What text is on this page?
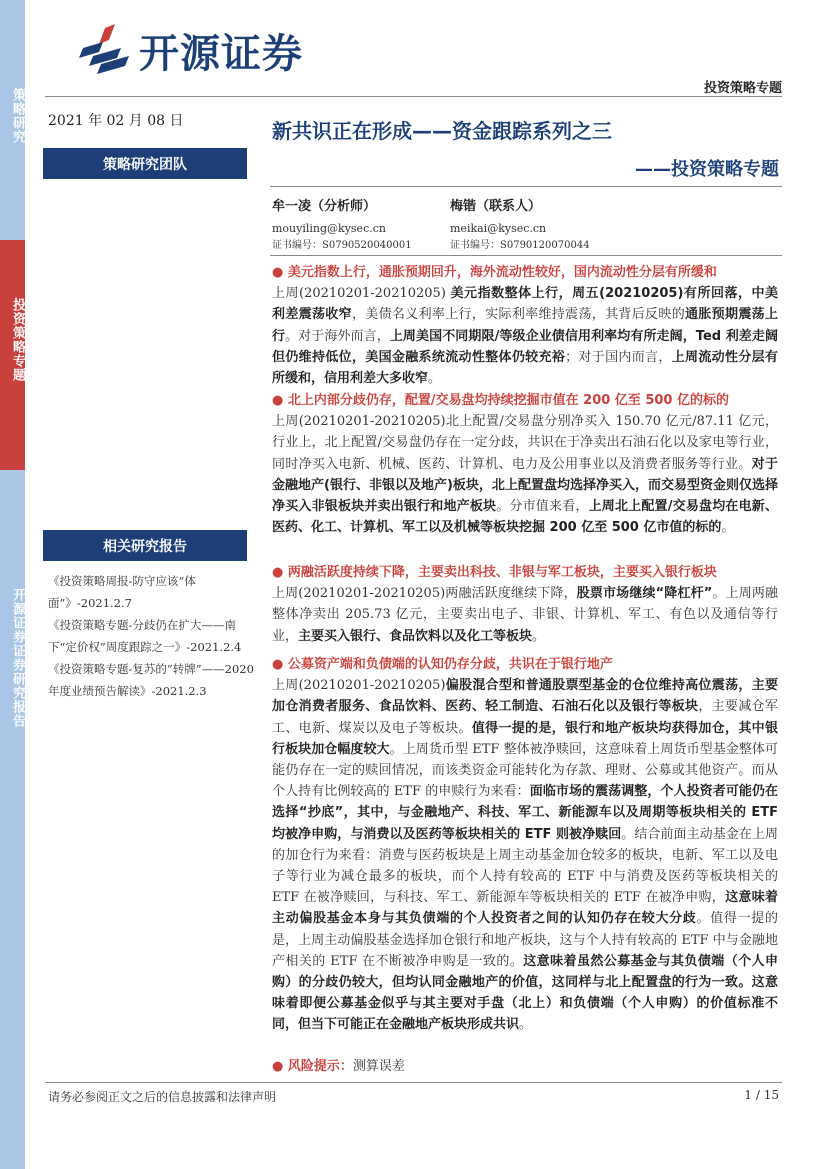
策略研究
投资策略专题
开源证券证券研究报告
开源证券
投资策略专题
2021 年 02 月 08 日
策略研究团队
相关研究报告
《投资策略周报-防守应该“体面”》-2021.2.7
《投资策略专题-分歧仍在扩大——南下“定价权”周度跟踪之一》-2021.2.4
《投资策略专题-复苏的“转牌”——2020 年度业绩预告解读》-2021.2.3
新共识正在形成——资金跟踪系列之三
——投资策略专题
牟一凌（分析师）
mouyiling@kysec.cn
证书编号：S0790520040001
梅锴（联系人）
meikai@kysec.cn
证书编号：S0790120070044

● 美元指数上行，通胀预期回升，海外流动性较好，国内流动性分层有所缓和

上周(20210201-20210205) 美元指数整体上行，周五(20210205)有所回落，中美利差震荡收窄，美债名义利率上行，实际利率维持震荡，其背后反映的通胀预期震荡上行。对于海外而言，上周美国不同期限/等级企业债信用利率均有所走阔，Ted 利差走阔但仍维持低位，美国金融系统流动性整体仍较充裕；对于国内而言，上周流动性分层有所缓和，信用利差大多收窄。

● 北上内部分歧仍存，配置/交易盘均持续挖掘市值在 200 亿至 500 亿的标的

上周(20210201-20210205)北上配置/交易盘分别净买入 150.70 亿元/87.11 亿元，行业上，北上配置/交易盘仍存在一定分歧，共识在于净卖出石油石化以及家电等行业，同时净买入电新、机械、医药、计算机、电力及公用事业以及消费者服务等行业。对于金融地产(银行、非银以及地产)板块，北上配置盘均选择净买入，而交易型资金则仅选择净买入非银板块并卖出银行和地产板块。分市值来看，上周北上配置/交易盘均在电新、医药、化工、计算机、军工以及机械等板块挖掘 200 亿至 500 亿市值的标的。

● 两融活跃度持续下降，主要卖出科技、非银与军工板块，主要买入银行板块

上周(20210201-20210205)两融活跃度继续下降，股票市场继续“降杠杆”。上周两融整体净卖出 205.73 亿元，主要卖出电子、非银、计算机、军工、有色以及通信等行业，主要买入银行、食品饮料以及化工等板块。

● 公募资产端和负债端的认知仍存分歧，共识在于银行地产

上周(20210201-20210205)偏股混合型和普通股票型基金的仓位维持高位震荡，主要加仓消费者服务、食品饮料、医药、轻工制造、石油石化以及银行等板块，主要减仓军工、电新、煤炭以及电子等板块。值得一提的是，银行和地产板块均获得加仓，其中银行板块加仓幅度较大。上周货币型 ETF 整体被净赎回，这意味着上周货币型基金整体可能仍存在一定的赎回情况，而该类资金可能转化为存款、理财、公募或其他资产。而从个人持有比例较高的 ETF 的申赎行为来看：面临市场的震荡调整，个人投资者可能仍在选择“抄底”，其中，与金融地产、科技、军工、新能源车以及周期等板块相关的 ETF 均被净申购，与消费以及医药等板块相关的 ETF 则被净赎回。结合前面主动基金在上周的加仓行为来看：消费与医药板块是上周主动基金加仓较多的板块，电新、军工以及电子等行业为减仓最多的板块，而个人持有较高的 ETF 中与消费及医药等板块相关的 ETF 在被净赎回，与科技、军工、新能源车等板块相关的 ETF 在被净申购，这意味着主动偏股基金本身与其负债端的个人投资者之间的认知仍存在较大分歧。值得一提的是，上周主动偏股基金选择加仓银行和地产板块，这与个人持有较高的 ETF 中与金融地产相关的 ETF 在不断被净申购是一致的。这意味着虽然公募基金与其负债端（个人申购）的分歧仍较大，但均认同金融地产的价值，这同样与北上配置盘的行为一致。这意味着即便公募基金似乎与其主要对手盘（北上）和负债端（个人申购）的价值标准不同，但当下可能正在金融地产板块形成共识。

● 风险提示：测算误差

请务必参阅正文之后的信息披露和法律声明	1 / 15
